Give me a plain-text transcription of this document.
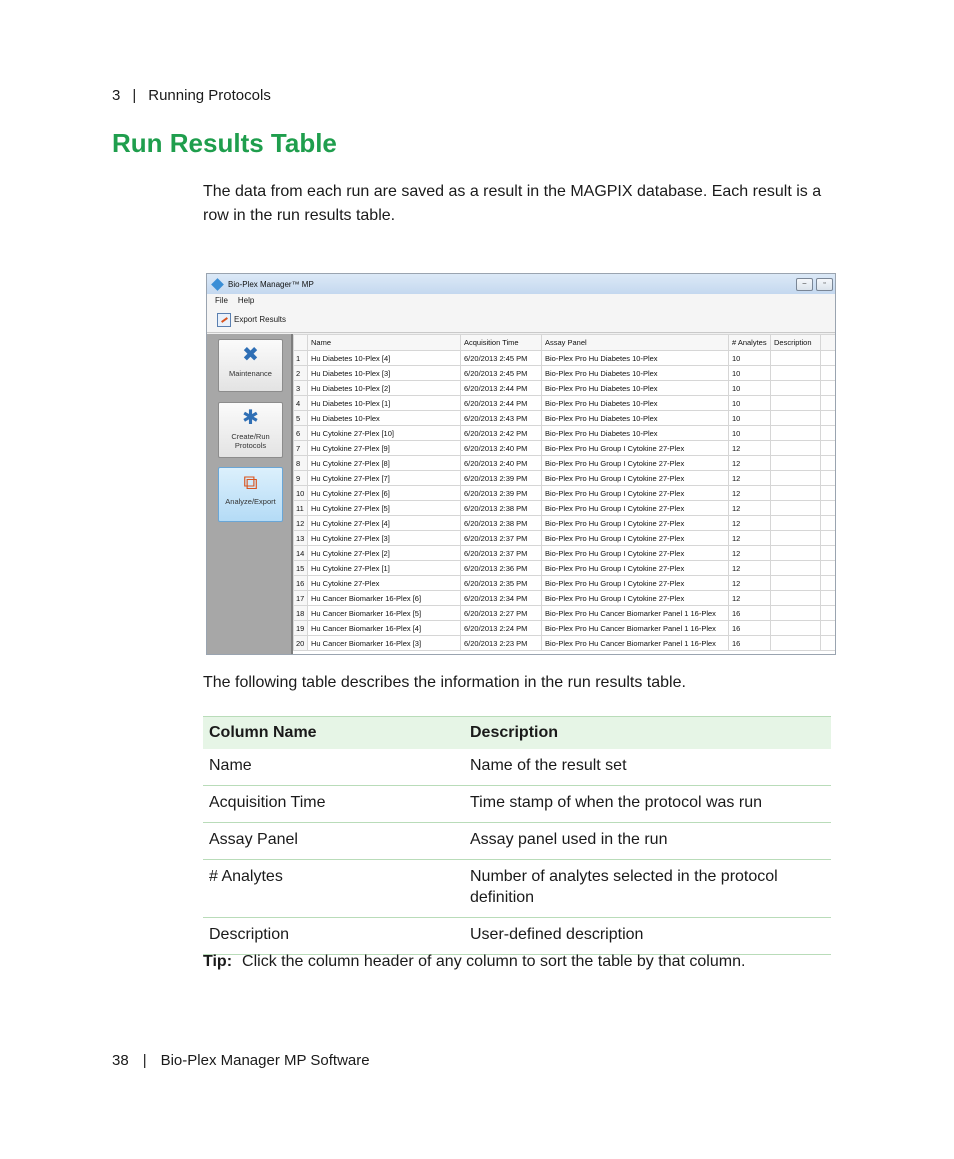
3 | Running Protocols
Run Results Table

The data from each run are saved as a result in the MAGPIX database. Each result is a row in the run results table.

Bio-Plex Manager™ MP	–	▫
File Help
Export Results
✖
Maintenance
✱
Create/Run
Protocols
⧉
Analyze/Export
	Name	Acquisition Time	Assay Panel	# Analytes	Description	
1	Hu Diabetes 10-Plex [4]	6/20/2013 2:45 PM	Bio-Plex Pro Hu Diabetes 10-Plex	10		
2	Hu Diabetes 10-Plex [3]	6/20/2013 2:45 PM	Bio-Plex Pro Hu Diabetes 10-Plex	10		
3	Hu Diabetes 10-Plex [2]	6/20/2013 2:44 PM	Bio-Plex Pro Hu Diabetes 10-Plex	10		
4	Hu Diabetes 10-Plex [1]	6/20/2013 2:44 PM	Bio-Plex Pro Hu Diabetes 10-Plex	10		
5	Hu Diabetes 10-Plex	6/20/2013 2:43 PM	Bio-Plex Pro Hu Diabetes 10-Plex	10		
6	Hu Cytokine 27-Plex [10]	6/20/2013 2:42 PM	Bio-Plex Pro Hu Diabetes 10-Plex	10		
7	Hu Cytokine 27-Plex [9]	6/20/2013 2:40 PM	Bio-Plex Pro Hu Group I Cytokine 27-Plex	12		
8	Hu Cytokine 27-Plex [8]	6/20/2013 2:40 PM	Bio-Plex Pro Hu Group I Cytokine 27-Plex	12		
9	Hu Cytokine 27-Plex [7]	6/20/2013 2:39 PM	Bio-Plex Pro Hu Group I Cytokine 27-Plex	12		
10	Hu Cytokine 27-Plex [6]	6/20/2013 2:39 PM	Bio-Plex Pro Hu Group I Cytokine 27-Plex	12		
11	Hu Cytokine 27-Plex [5]	6/20/2013 2:38 PM	Bio-Plex Pro Hu Group I Cytokine 27-Plex	12		
12	Hu Cytokine 27-Plex [4]	6/20/2013 2:38 PM	Bio-Plex Pro Hu Group I Cytokine 27-Plex	12		
13	Hu Cytokine 27-Plex [3]	6/20/2013 2:37 PM	Bio-Plex Pro Hu Group I Cytokine 27-Plex	12		
14	Hu Cytokine 27-Plex [2]	6/20/2013 2:37 PM	Bio-Plex Pro Hu Group I Cytokine 27-Plex	12		
15	Hu Cytokine 27-Plex [1]	6/20/2013 2:36 PM	Bio-Plex Pro Hu Group I Cytokine 27-Plex	12		
16	Hu Cytokine 27-Plex	6/20/2013 2:35 PM	Bio-Plex Pro Hu Group I Cytokine 27-Plex	12		
17	Hu Cancer Biomarker 16-Plex [6]	6/20/2013 2:34 PM	Bio-Plex Pro Hu Group I Cytokine 27-Plex	12		
18	Hu Cancer Biomarker 16-Plex [5]	6/20/2013 2:27 PM	Bio-Plex Pro Hu Cancer Biomarker Panel 1 16-Plex	16		
19	Hu Cancer Biomarker 16-Plex [4]	6/20/2013 2:24 PM	Bio-Plex Pro Hu Cancer Biomarker Panel 1 16-Plex	16		
20	Hu Cancer Biomarker 16-Plex [3]	6/20/2013 2:23 PM	Bio-Plex Pro Hu Cancer Biomarker Panel 1 16-Plex	16		

The following table describes the information in the run results table.

Column Name	Description
Name	Name of the result set
Acquisition Time	Time stamp of when the protocol was run
Assay Panel	Assay panel used in the run
# Analytes	Number of analytes selected in the protocol definition
Description	User-defined description

Tip: Click the column header of any column to sort the table by that column.

38 | Bio-Plex Manager MP Software
